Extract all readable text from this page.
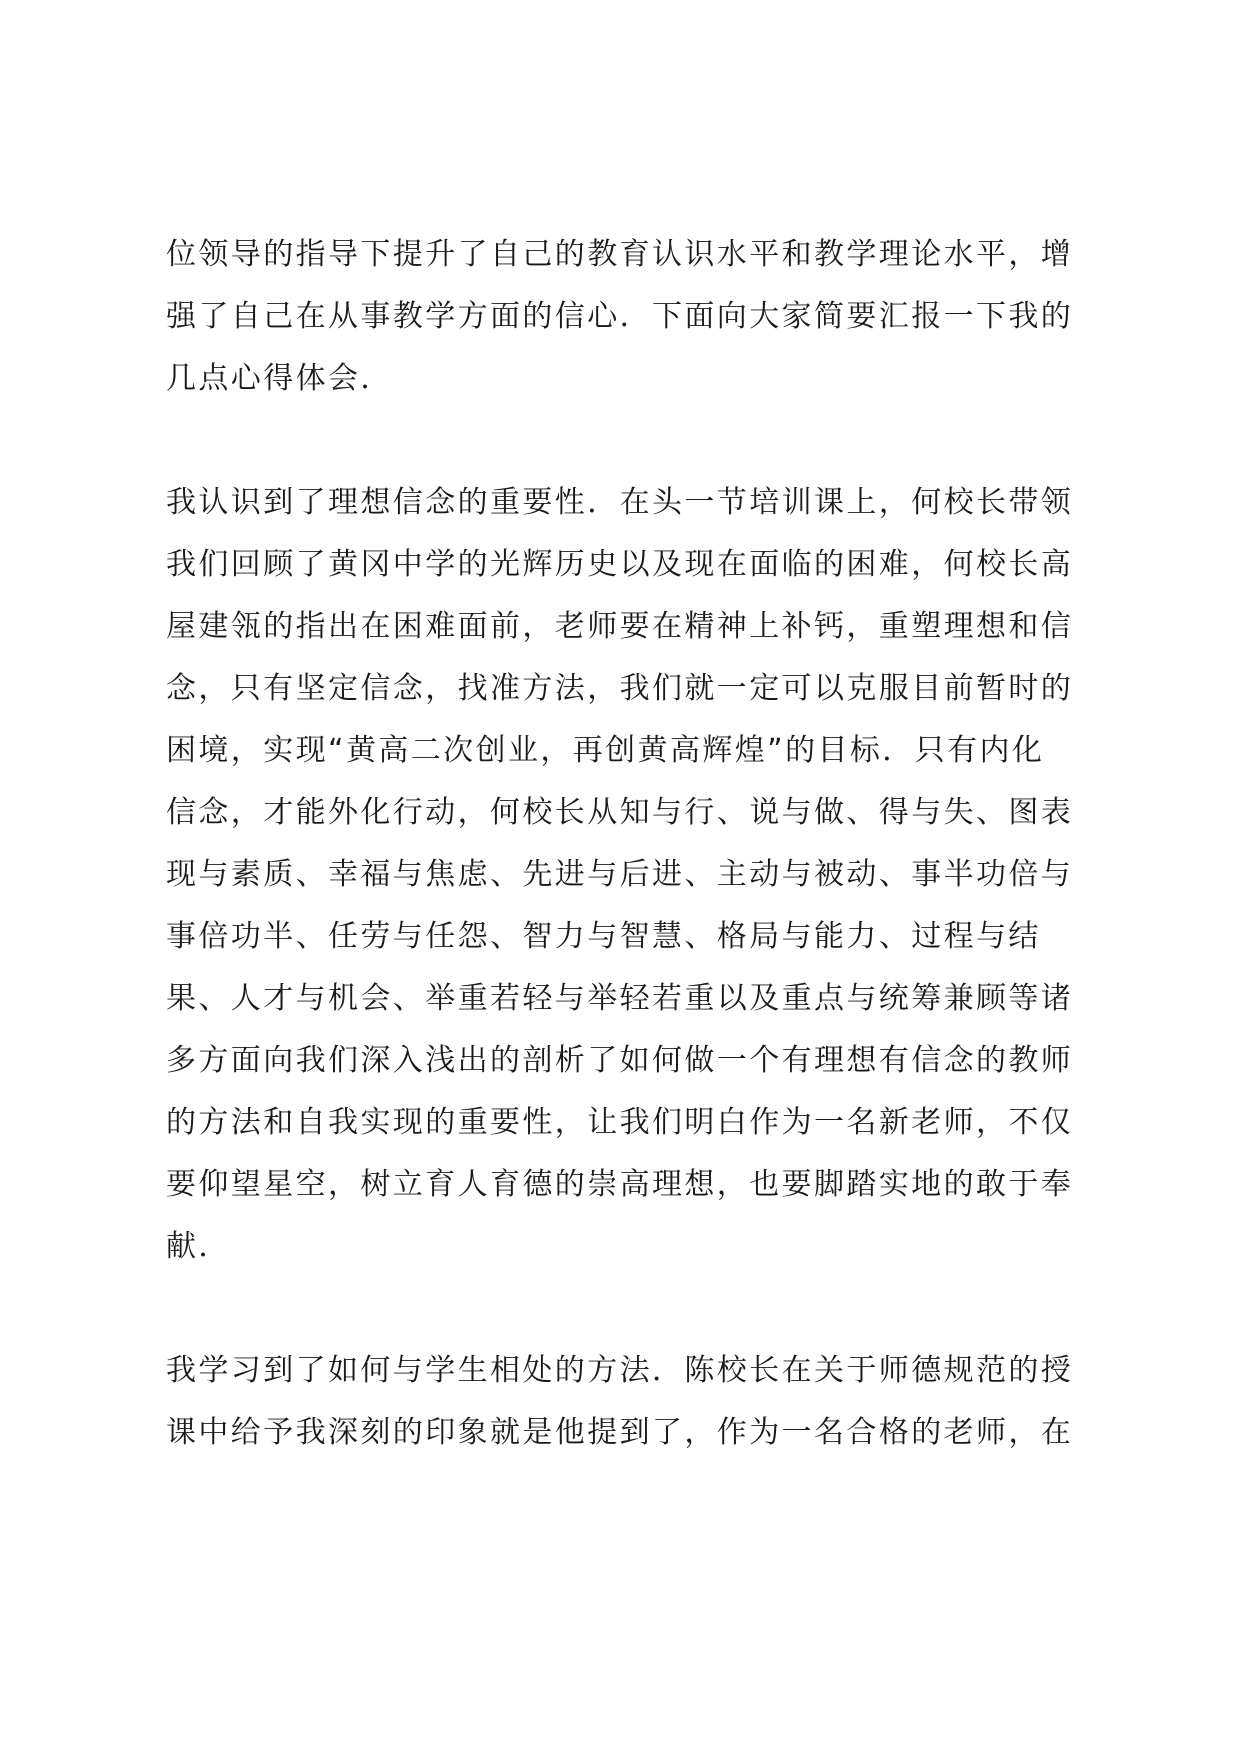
位领导的指导下提升了自己的教育认识水平和教学理论水平，增
强了自己在从事教学方面的信心．下面向大家简要汇报一下我的
几点心得体会．
我认识到了理想信念的重要性．在头一节培训课上，何校长带领
我们回顾了黄冈中学的光辉历史以及现在面临的困难，何校长高
屋建瓴的指出在困难面前，老师要在精神上补钙，重塑理想和信
念，只有坚定信念，找准方法，我们就一定可以克服目前暂时的
困境，实现“黄高二次创业，再创黄高辉煌”的目标．只有内化
信念，才能外化行动，何校长从知与行、说与做、得与失、图表
现与素质、幸福与焦虑、先进与后进、主动与被动、事半功倍与
事倍功半、任劳与任怨、智力与智慧、格局与能力、过程与结
果、人才与机会、举重若轻与举轻若重以及重点与统筹兼顾等诸
多方面向我们深入浅出的剖析了如何做一个有理想有信念的教师
的方法和自我实现的重要性，让我们明白作为一名新老师，不仅
要仰望星空，树立育人育德的崇高理想，也要脚踏实地的敢于奉
献．
我学习到了如何与学生相处的方法．陈校长在关于师德规范的授
课中给予我深刻的印象就是他提到了，作为一名合格的老师，在
